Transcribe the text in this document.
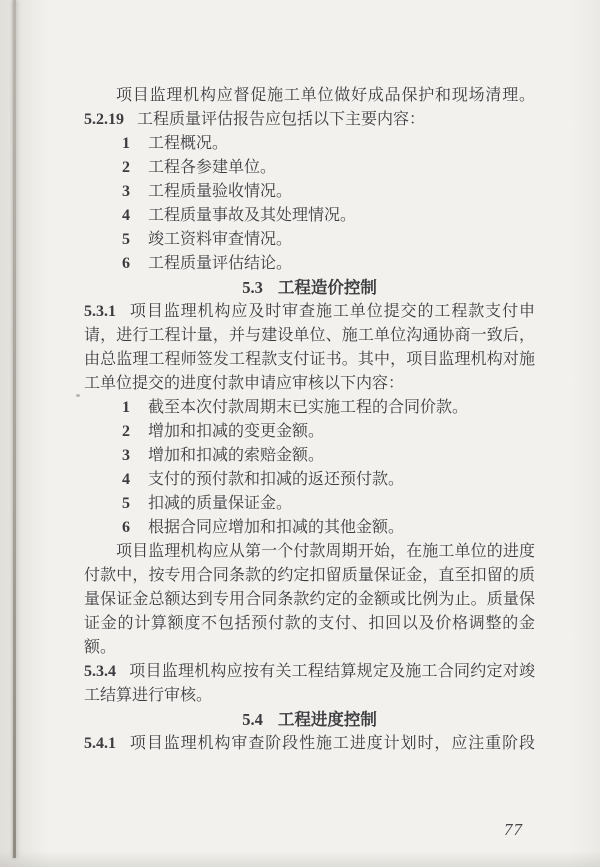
项目监理机构应督促施工单位做好成品保护和现场清理。

5.2.19 工程质量评估报告应包括以下主要内容：

1 工程概况。
2 工程各参建单位。
3 工程质量验收情况。
4 工程质量事故及其处理情况。
5 竣工资料审查情况。
6 工程质量评估结论。

5.3 工程造价控制

5.3.1 项目监理机构应及时审查施工单位提交的工程款支付申请，进行工程计量，并与建设单位、施工单位沟通协商一致后，由总监理工程师签发工程款支付证书。其中，项目监理机构对施工单位提交的进度付款申请应审核以下内容：

1 截至本次付款周期末已实施工程的合同价款。
2 增加和扣减的变更金额。
3 增加和扣减的索赔金额。
4 支付的预付款和扣减的返还预付款。
5 扣减的质量保证金。
6 根据合同应增加和扣减的其他金额。

项目监理机构应从第一个付款周期开始，在施工单位的进度付款中，按专用合同条款的约定扣留质量保证金，直至扣留的质量保证金总额达到专用合同条款约定的金额或比例为止。质量保证金的计算额度不包括预付款的支付、扣回以及价格调整的金额。

5.3.4 项目监理机构应按有关工程结算规定及施工合同约定对竣工结算进行审核。

5.4 工程进度控制

5.4.1 项目监理机构审查阶段性施工进度计划时，应注重阶段

77
